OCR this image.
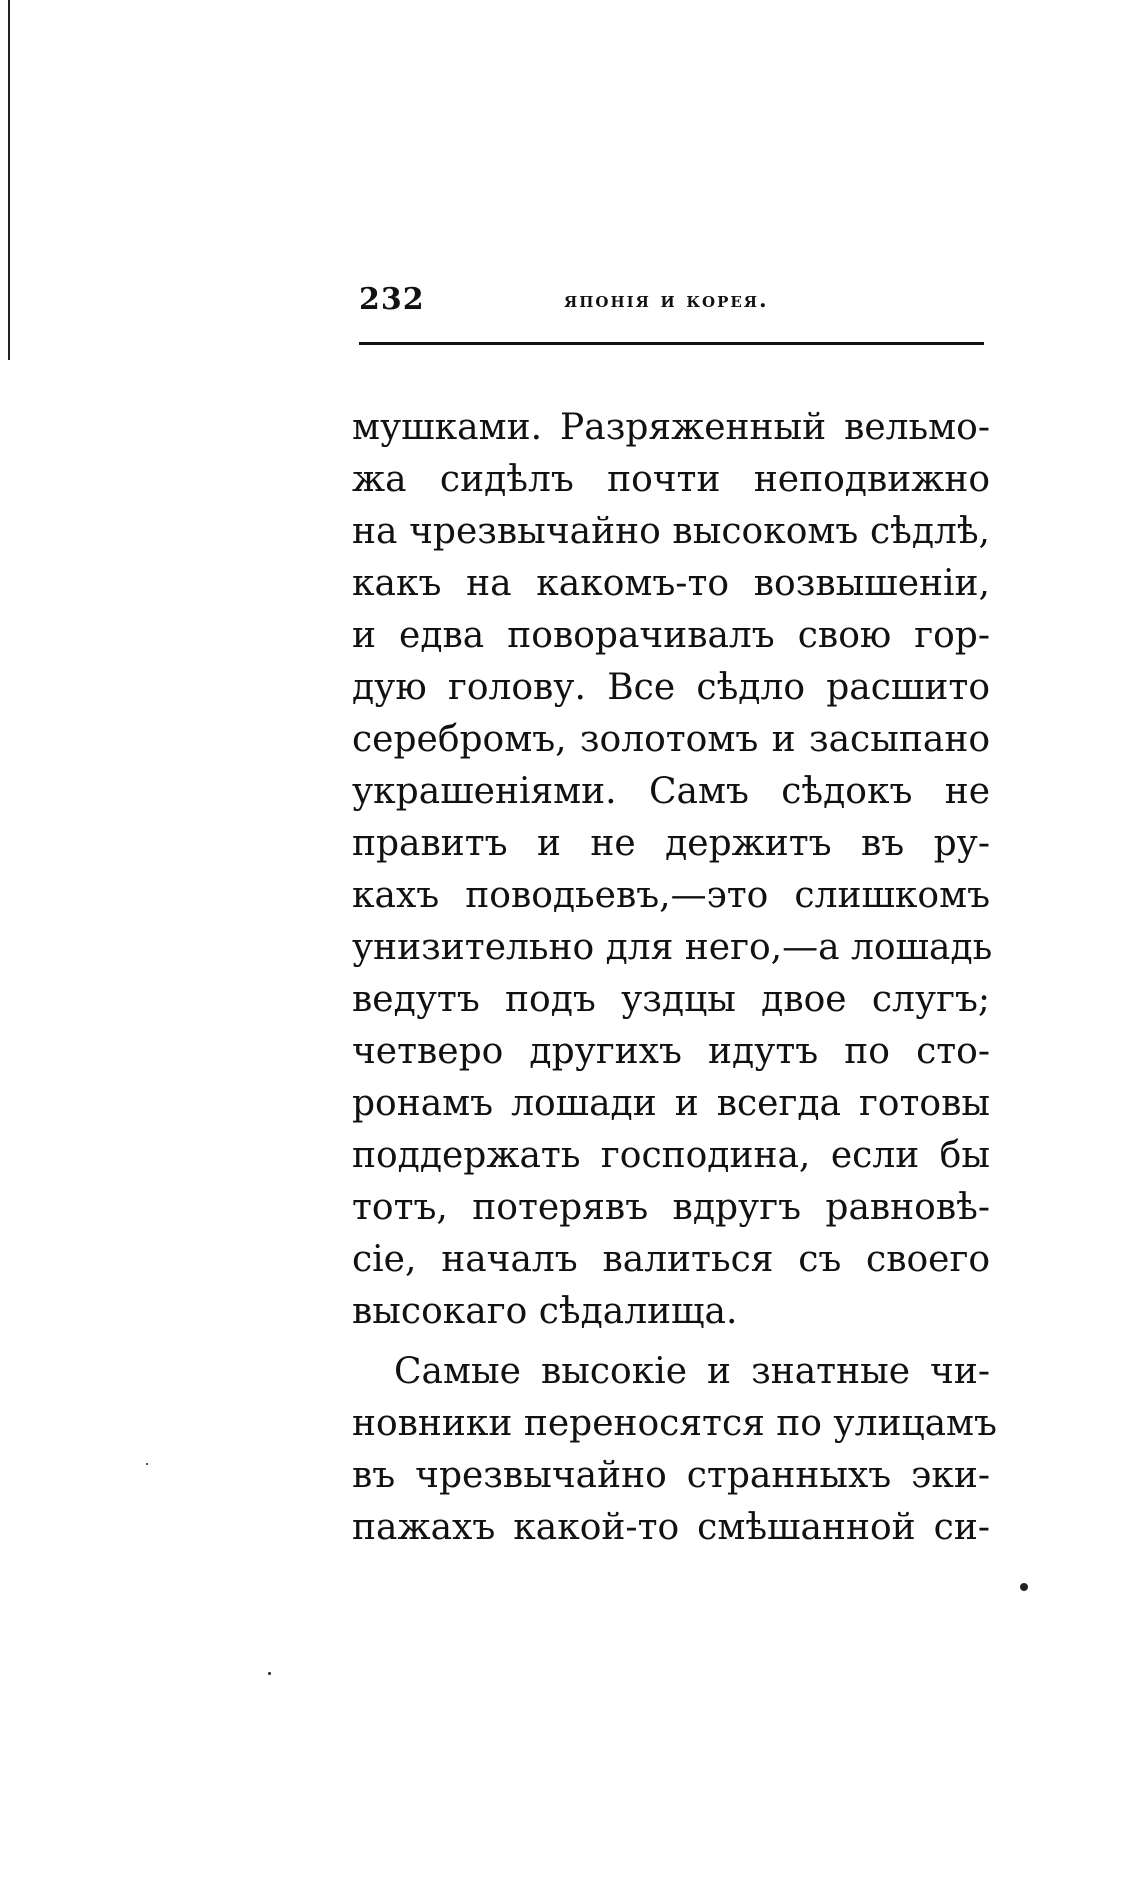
232	японія и корея.
мушками. Разряженный вельмо-
жа сидѣлъ почти неподвижно
на чрезвычайно высокомъ сѣдлѣ,
какъ на какомъ-то возвышеніи,
и едва поворачивалъ свою гор-
дую голову. Все сѣдло расшито
серебромъ, золотомъ и засыпано
украшеніями. Самъ сѣдокъ не
правитъ и не держитъ въ ру-
кахъ поводьевъ,—это слишкомъ
унизительно для него,—а лошадь
ведутъ подъ уздцы двое слугъ;
четверо другихъ идутъ по сто-
ронамъ лошади и всегда готовы
поддержать господина, если бы
тотъ, потерявъ вдругъ равновѣ-
сіе, началъ валиться съ своего
высокаго сѣдалища.
Самые высокіе и знатные чи-
новники переносятся по улицамъ
въ чрезвычайно странныхъ эки-
пажахъ какой-то смѣшанной си-
